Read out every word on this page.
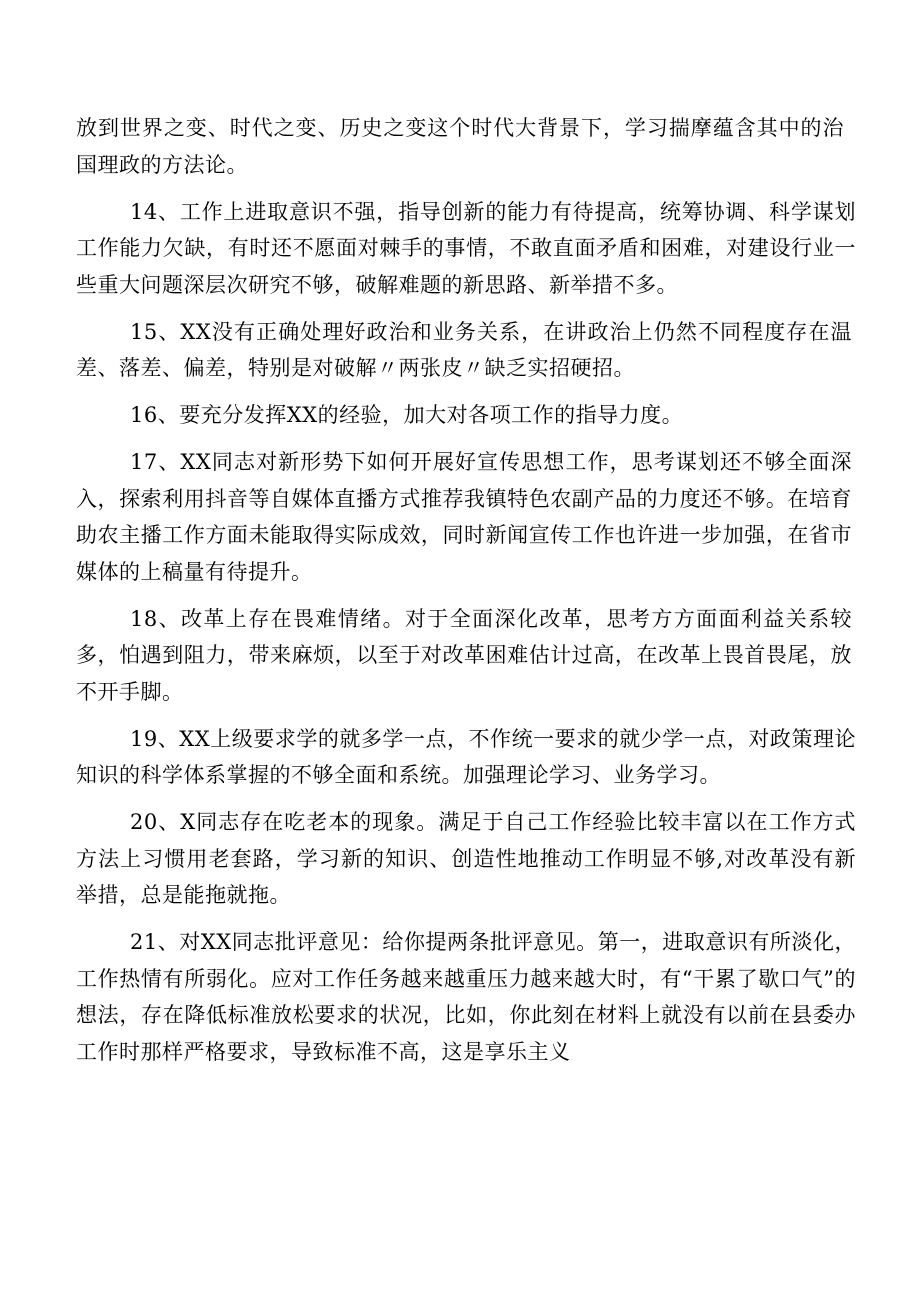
放到世界之变、时代之变、历史之变这个时代大背景下，学习揣摩蕴含其中的治国理政的方法论。

14、工作上进取意识不强，指导创新的能力有待提高，统筹协调、科学谋划工作能力欠缺，有时还不愿面对棘手的事情，不敢直面矛盾和困难，对建设行业一些重大问题深层次研究不够，破解难题的新思路、新举措不多。

15、XX没有正确处理好政治和业务关系，在讲政治上仍然不同程度存在温差、落差、偏差，特别是对破解〃两张皮〃缺乏实招硬招。

16、要充分发挥XX的经验，加大对各项工作的指导力度。

17、XX同志对新形势下如何开展好宣传思想工作，思考谋划还不够全面深入，探索利用抖音等自媒体直播方式推荐我镇特色农副产品的力度还不够。在培育助农主播工作方面未能取得实际成效，同时新闻宣传工作也许进一步加强，在省市媒体的上稿量有待提升。

18、改革上存在畏难情绪。对于全面深化改革，思考方方面面利益关系较多，怕遇到阻力，带来麻烦，以至于对改革困难估计过高，在改革上畏首畏尾，放不开手脚。

19、XX上级要求学的就多学一点，不作统一要求的就少学一点，对政策理论知识的科学体系掌握的不够全面和系统。加强理论学习、业务学习。

20、X同志存在吃老本的现象。满足于自己工作经验比较丰富以在工作方式方法上习惯用老套路，学习新的知识、创造性地推动工作明显不够,对改革没有新举措，总是能拖就拖。

21、对XX同志批评意见：给你提两条批评意见。第一，进取意识有所淡化，工作热情有所弱化。应对工作任务越来越重压力越来越大时，有“干累了歇口气”的想法，存在降低标准放松要求的状况，比如，你此刻在材料上就没有以前在县委办工作时那样严格要求，导致标准不高，这是享乐主义
